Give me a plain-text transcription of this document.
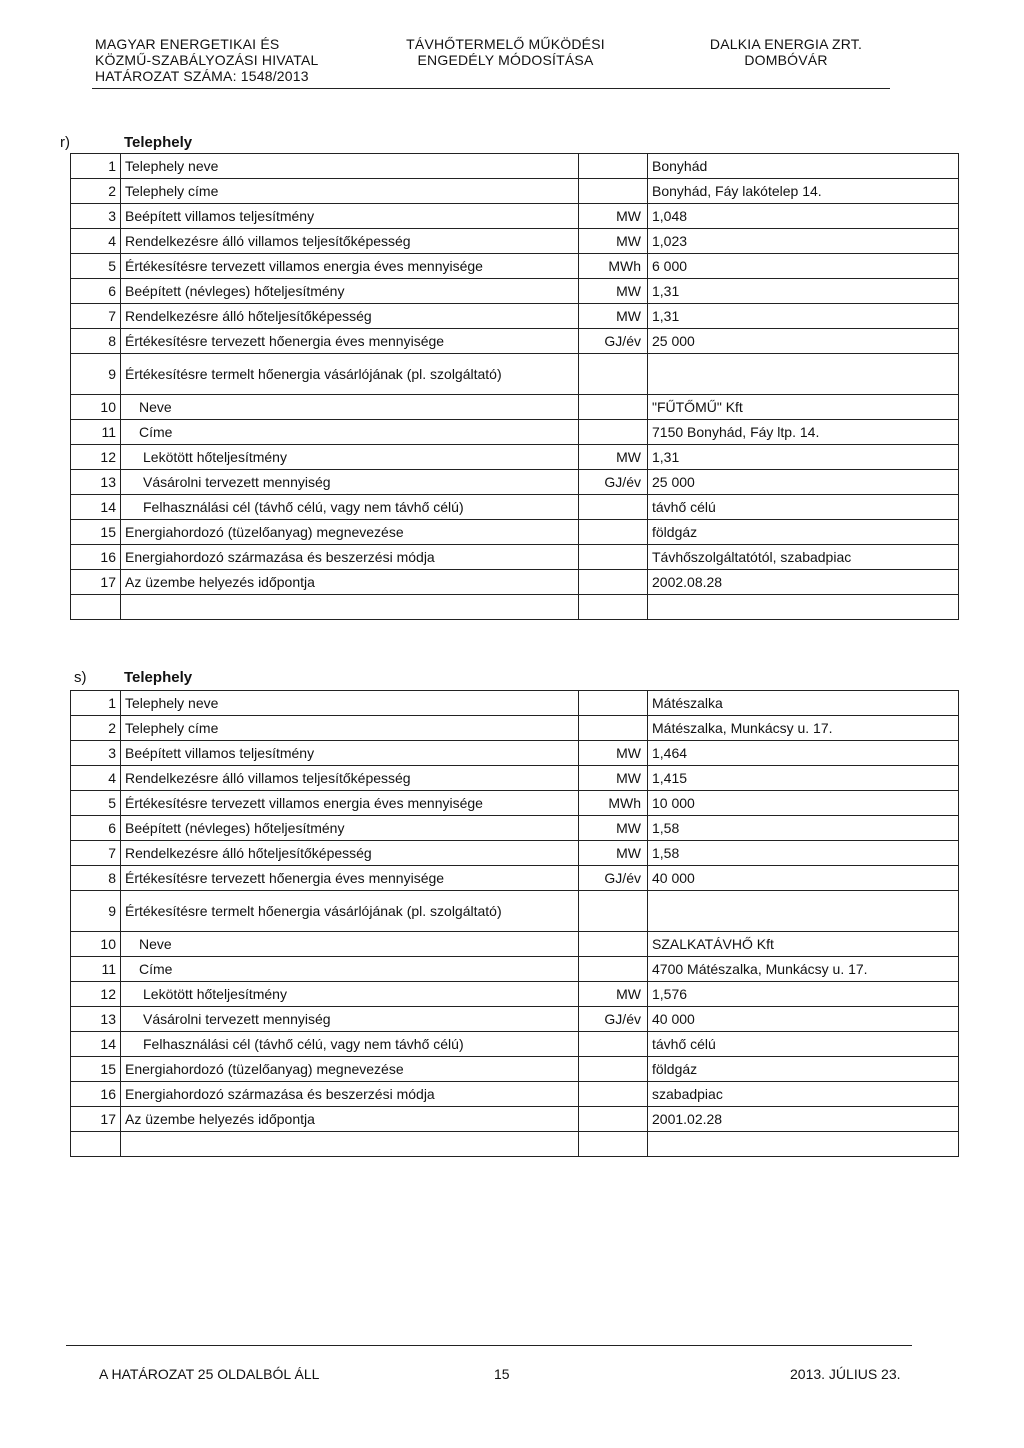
MAGYAR ENERGETIKAI ÉS
KÖZMŰ-SZABÁLYOZÁSI HIVATAL
HATÁROZAT SZÁMA: 1548/2013
TÁVHŐTERMELŐ MŰKÖDÉSI
ENGEDÉLY MÓDOSÍTÁSA
DALKIA ENERGIA ZRT.
DOMBÓVÁR
r)	Telephely
1	Telephely neve		Bonyhád
2	Telephely címe		Bonyhád, Fáy lakótelep 14.
3	Beépített villamos teljesítmény	MW	1,048
4	Rendelkezésre álló villamos teljesítőképesség	MW	1,023
5	Értékesítésre tervezett villamos energia éves mennyisége	MWh	6 000
6	Beépített (névleges) hőteljesítmény	MW	1,31
7	Rendelkezésre álló hőteljesítőképesség	MW	1,31
8	Értékesítésre tervezett hőenergia éves mennyisége	GJ/év	25 000
9	Értékesítésre termelt hőenergia vásárlójának (pl. szolgáltató)		
10	Neve		"FŰTŐMŰ" Kft
11	Címe		7150 Bonyhád, Fáy ltp. 14.
12	Lekötött hőteljesítmény	MW	1,31
13	Vásárolni tervezett mennyiség	GJ/év	25 000
14	Felhasználási cél (távhő célú, vagy nem távhő célú)		távhő célú
15	Energiahordozó (tüzelőanyag) megnevezése		földgáz
16	Energiahordozó származása és beszerzési módja		Távhőszolgáltatótól, szabadpiac
17	Az üzembe helyezés időpontja		2002.08.28

s)	Telephely
1	Telephely neve		Mátészalka
2	Telephely címe		Mátészalka, Munkácsy u. 17.
3	Beépített villamos teljesítmény	MW	1,464
4	Rendelkezésre álló villamos teljesítőképesség	MW	1,415
5	Értékesítésre tervezett villamos energia éves mennyisége	MWh	10 000
6	Beépített (névleges) hőteljesítmény	MW	1,58
7	Rendelkezésre álló hőteljesítőképesség	MW	1,58
8	Értékesítésre tervezett hőenergia éves mennyisége	GJ/év	40 000
9	Értékesítésre termelt hőenergia vásárlójának (pl. szolgáltató)		
10	Neve		SZALKATÁVHŐ Kft
11	Címe		4700 Mátészalka, Munkácsy u. 17.
12	Lekötött hőteljesítmény	MW	1,576
13	Vásárolni tervezett mennyiség	GJ/év	40 000
14	Felhasználási cél (távhő célú, vagy nem távhő célú)		távhő célú
15	Energiahordozó (tüzelőanyag) megnevezése		földgáz
16	Energiahordozó származása és beszerzési módja		szabadpiac
17	Az üzembe helyezés időpontja		2001.02.28

A HATÁROZAT 25 OLDALBÓL ÁLL	15	2013. JÚLIUS 23.
